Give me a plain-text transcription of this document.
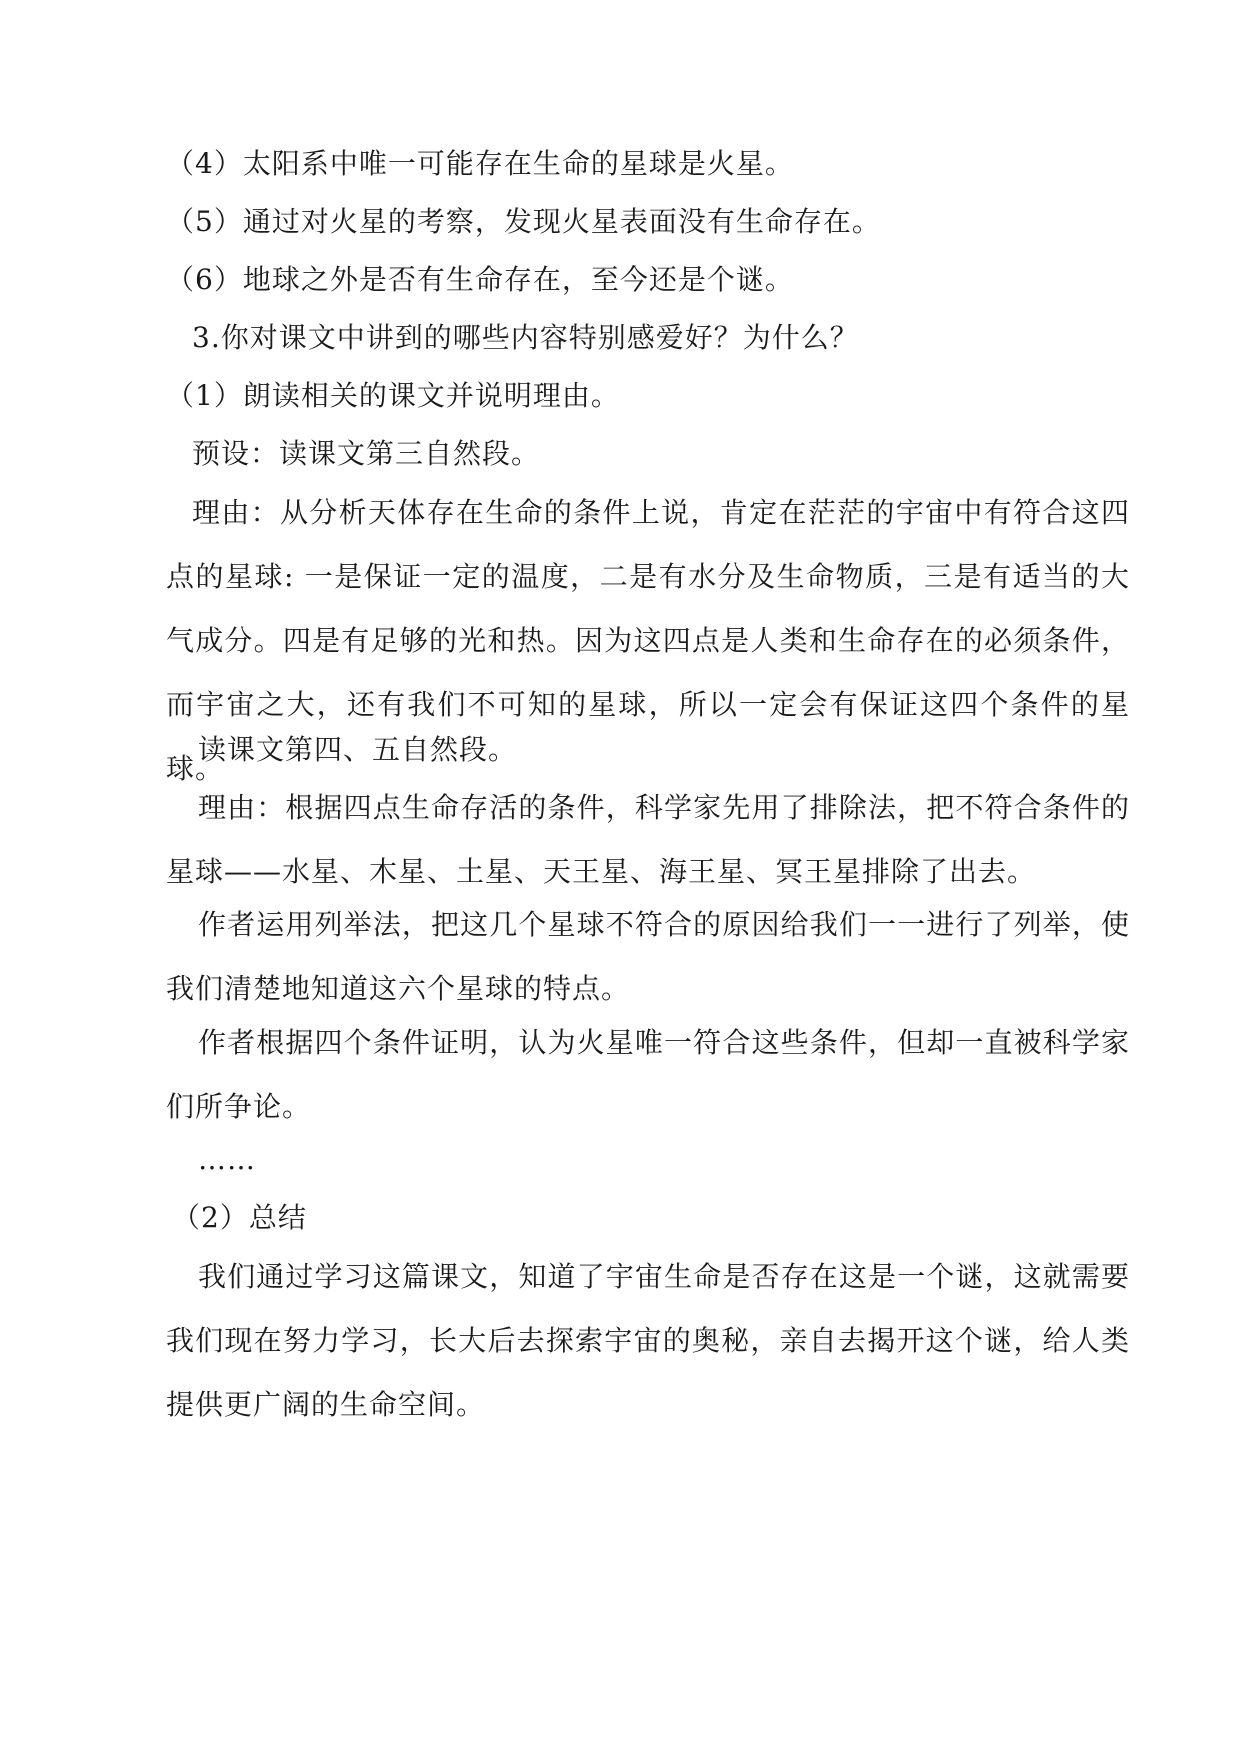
（4）太阳系中唯一可能存在生命的星球是火星。

（5）通过对火星的考察，发现火星表面没有生命存在。

（6）地球之外是否有生命存在，至今还是个谜。

3.你对课文中讲到的哪些内容特别感爱好？为什么？

（1）朗读相关的课文并说明理由。

预设：读课文第三自然段。

理由：从分析天体存在生命的条件上说，肯定在茫茫的宇宙中有符合这四点的星球: 一是保证一定的温度，二是有水分及生命物质，三是有适当的大气成分。四是有足够的光和热。因为这四点是人类和生命存在的必须条件，而宇宙之大，还有我们不可知的星球，所以一定会有保证这四个条件的星球。

读课文第四、五自然段。

理由：根据四点生命存活的条件，科学家先用了排除法，把不符合条件的星球——水星、木星、土星、天王星、海王星、冥王星排除了出去。

作者运用列举法，把这几个星球不符合的原因给我们一一进行了列举，使我们清楚地知道这六个星球的特点。

作者根据四个条件证明，认为火星唯一符合这些条件，但却一直被科学家们所争论。

……

（2）总结

我们通过学习这篇课文，知道了宇宙生命是否存在这是一个谜，这就需要我们现在努力学习，长大后去探索宇宙的奥秘，亲自去揭开这个谜，给人类提供更广阔的生命空间。
